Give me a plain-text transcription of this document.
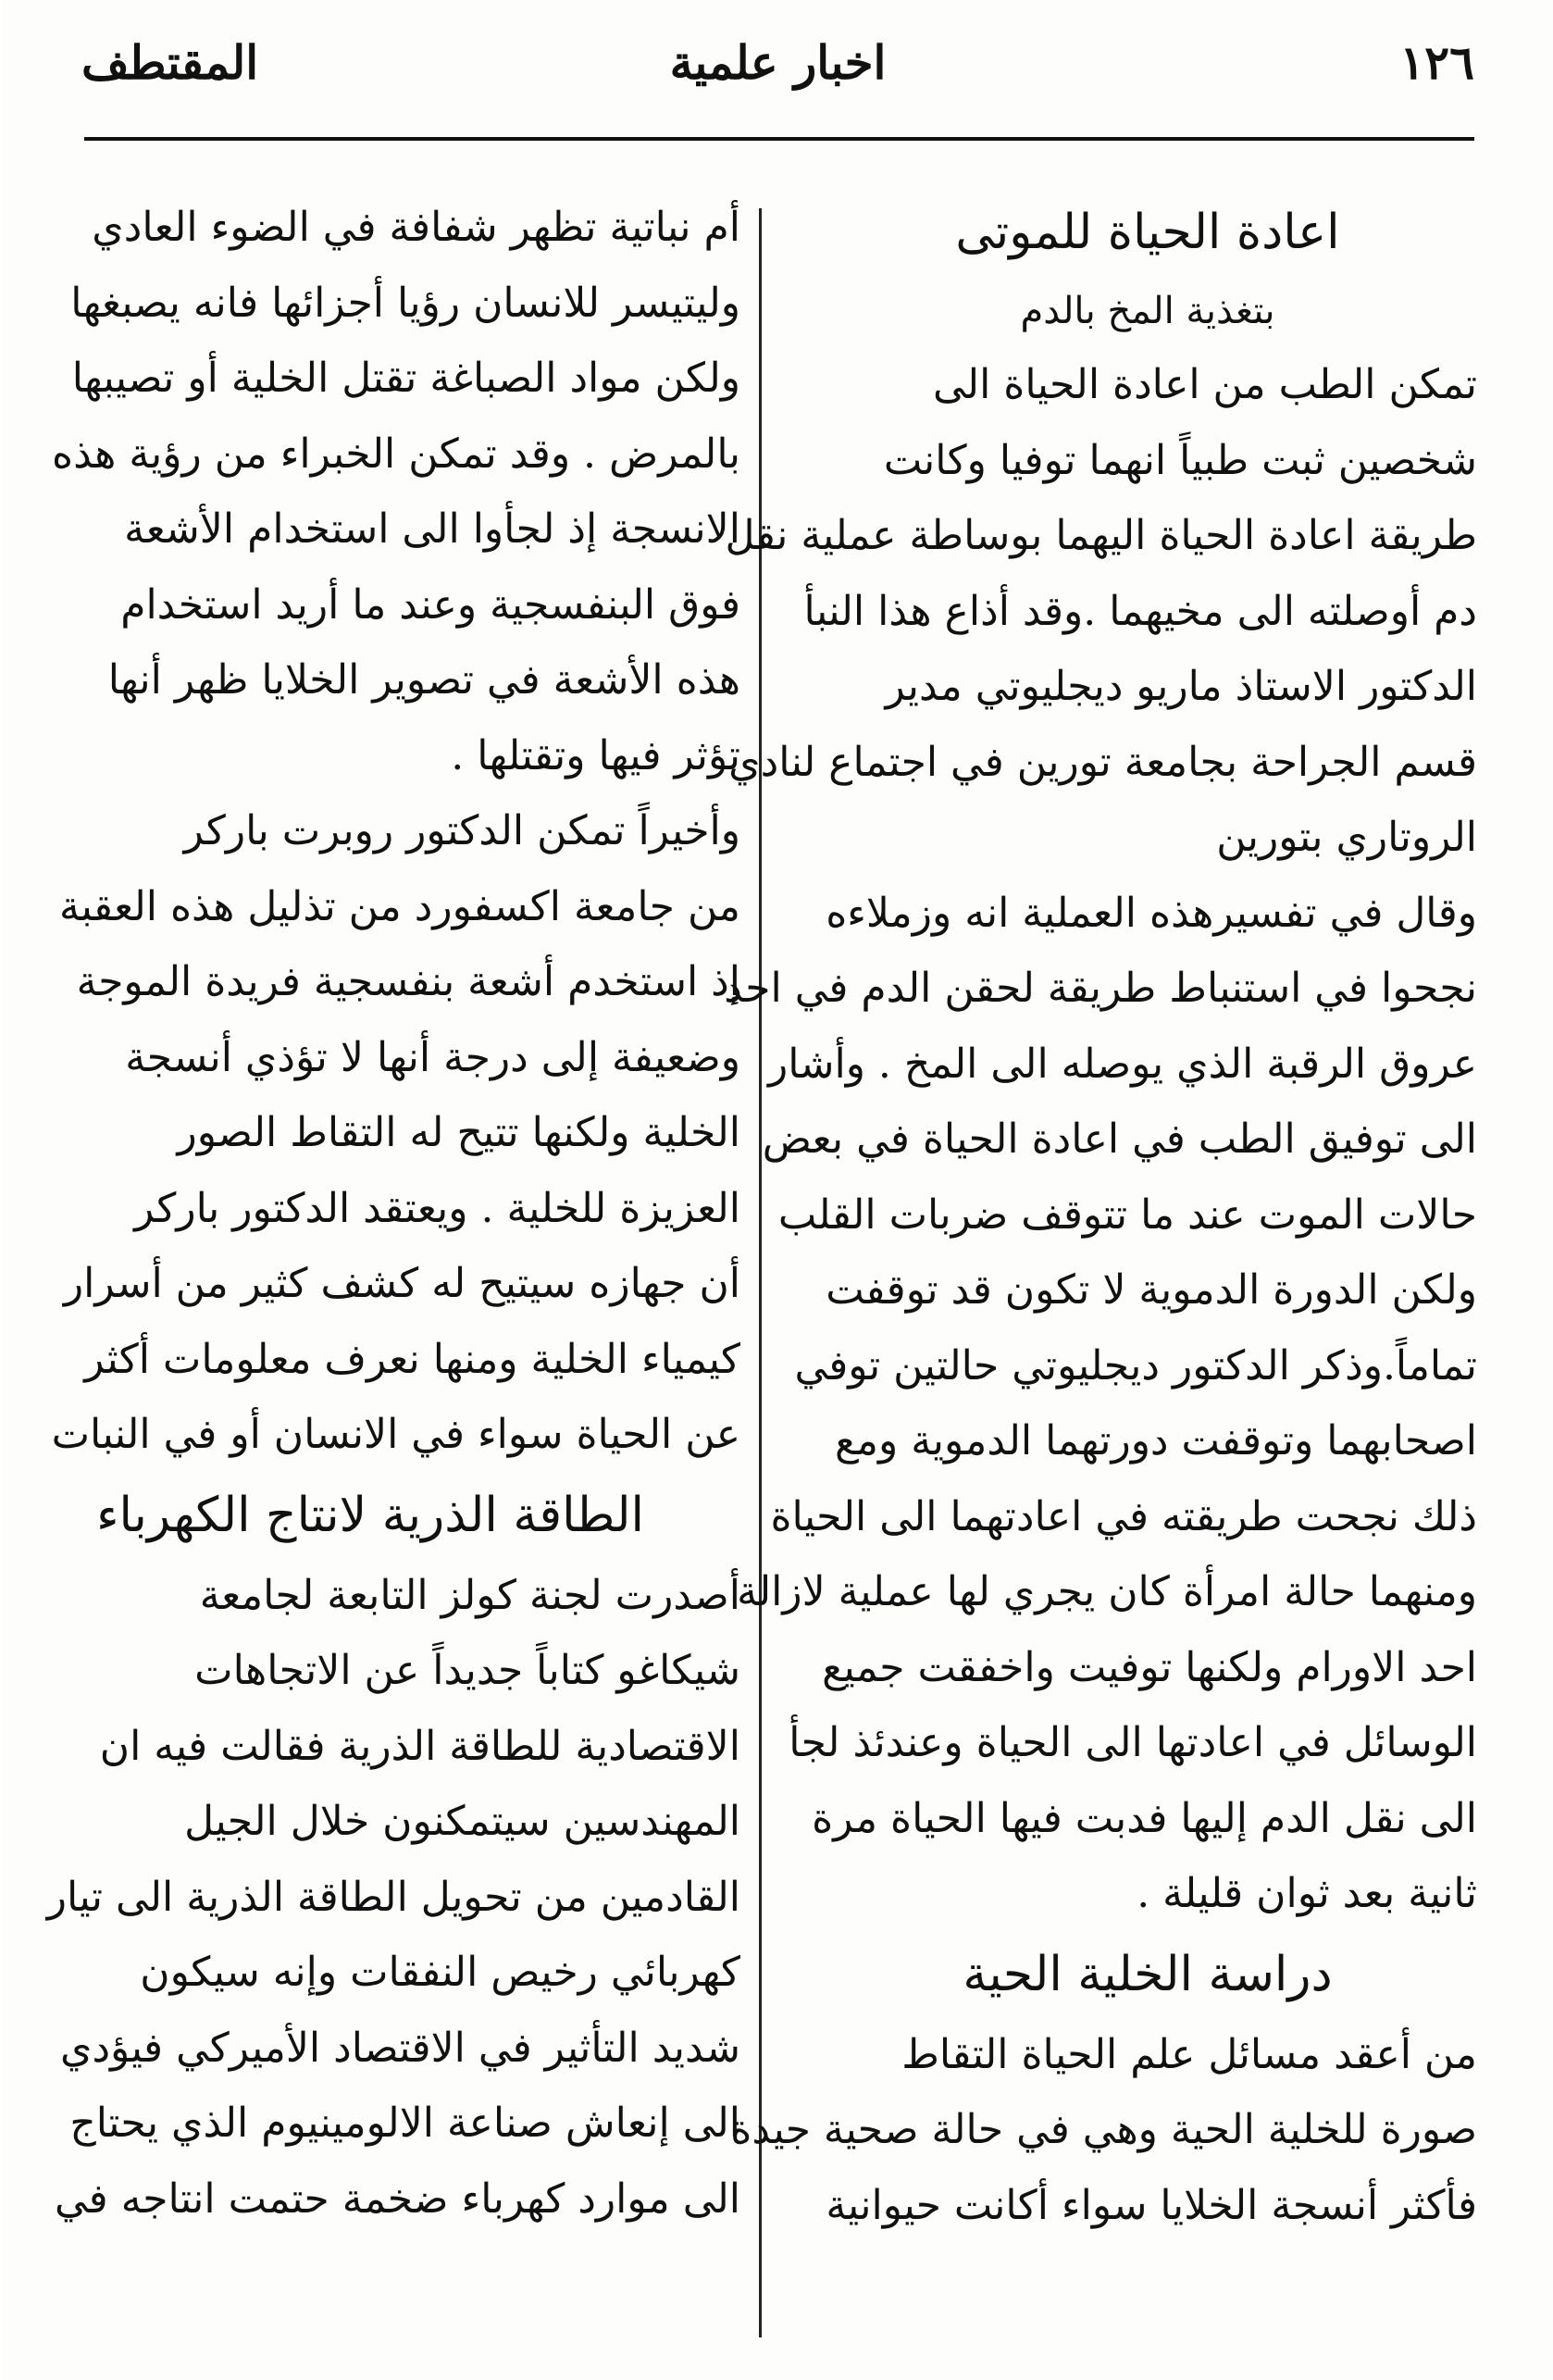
١٢٦
اخبار علمية
المقتطف
اعادة الحياة للموتى
بتغذية المخ بالدم

تمكن الطب من اعادة الحياة الى

شخصين ثبت طبياً انهما توفيا وكانت

طريقة اعادة الحياة اليهما بوساطة عملية نقل

دم أوصلته الى مخيهما .وقد أذاع هذا النبأ

الدكتور الاستاذ ماريو ديجليوتي مدير

قسم الجراحة بجامعة تورين في اجتماع لنادي

الروتاري بتورين

وقال في تفسيرهذه العملية انه وزملاءه

نجحوا في استنباط طريقة لحقن الدم في احد

عروق الرقبة الذي يوصله الى المخ . وأشار

الى توفيق الطب في اعادة الحياة في بعض

حالات الموت عند ما تتوقف ضربات القلب

ولكن الدورة الدموية لا تكون قد توقفت

تماماً.وذكر الدكتور ديجليوتي حالتين توفي

اصحابهما وتوقفت دورتهما الدموية ومع

ذلك نجحت طريقته في اعادتهما الى الحياة

ومنهما حالة امرأة كان يجري لها عملية لازالة

احد الاورام ولكنها توفيت واخفقت جميع

الوسائل في اعادتها الى الحياة وعندئذ لجأ

الى نقل الدم إليها فدبت فيها الحياة مرة

ثانية بعد ثوان قليلة .

دراسة الخلية الحية

من أعقد مسائل علم الحياة التقاط

صورة للخلية الحية وهي في حالة صحية جيدة

فأكثر أنسجة الخلايا سواء أكانت حيوانية

أم نباتية تظهر شفافة في الضوء العادي

وليتيسر للانسان رؤيا أجزائها فانه يصبغها

ولكن مواد الصباغة تقتل الخلية أو تصيبها

بالمرض . وقد تمكن الخبراء من رؤية هذه

الانسجة إذ لجأوا الى استخدام الأشعة

فوق البنفسجية وعند ما أريد استخدام

هذه الأشعة في تصوير الخلايا ظهر أنها

تؤثر فيها وتقتلها .

وأخيراً تمكن الدكتور روبرت باركر

من جامعة اكسفورد من تذليل هذه العقبة

إذ استخدم أشعة بنفسجية فريدة الموجة

وضعيفة إلى درجة أنها لا تؤذي أنسجة

الخلية ولكنها تتيح له التقاط الصور

العزيزة للخلية . ويعتقد الدكتور باركر

أن جهازه سيتيح له كشف كثير من أسرار

كيمياء الخلية ومنها نعرف معلومات أكثر

عن الحياة سواء في الانسان أو في النبات

الطاقة الذرية لانتاج الكهرباء

أصدرت لجنة كولز التابعة لجامعة

شيكاغو كتاباً جديداً عن الاتجاهات

الاقتصادية للطاقة الذرية فقالت فيه ان

المهندسين سيتمكنون خلال الجيل

القادمين من تحويل الطاقة الذرية الى تيار

كهربائي رخيص النفقات وإنه سيكون

شديد التأثير في الاقتصاد الأميركي فيؤدي

الى إنعاش صناعة الالومينيوم الذي يحتاج

الى موارد كهرباء ضخمة حتمت انتاجه في
